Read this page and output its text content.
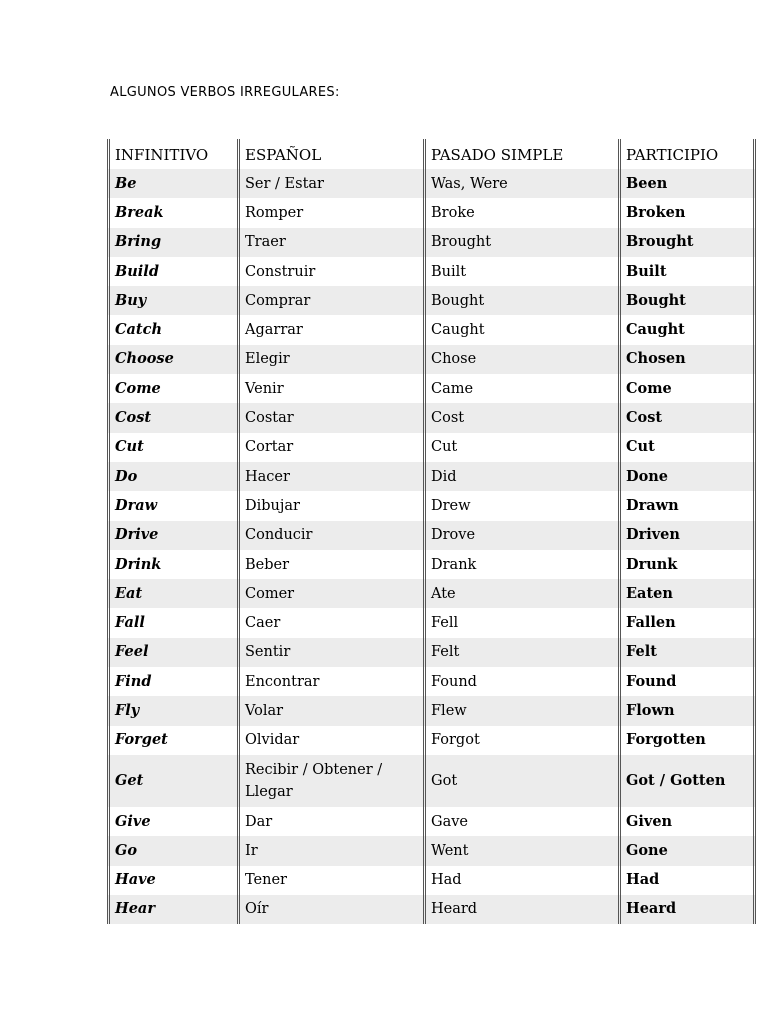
ALGUNOS VERBOS IRREGULARES:
INFINITIVO	ESPAÑOL	PASADO SIMPLE	PARTICIPIO
Be	Ser / Estar	Was, Were	Been
Break	Romper	Broke	Broken
Bring	Traer	Brought	Brought
Build	Construir	Built	Built
Buy	Comprar	Bought	Bought
Catch	Agarrar	Caught	Caught
Choose	Elegir	Chose	Chosen
Come	Venir	Came	Come
Cost	Costar	Cost	Cost
Cut	Cortar	Cut	Cut
Do	Hacer	Did	Done
Draw	Dibujar	Drew	Drawn
Drive	Conducir	Drove	Driven
Drink	Beber	Drank	Drunk
Eat	Comer	Ate	Eaten
Fall	Caer	Fell	Fallen
Feel	Sentir	Felt	Felt
Find	Encontrar	Found	Found
Fly	Volar	Flew	Flown
Forget	Olvidar	Forgot	Forgotten
Get	Recibir / Obtener / Llegar	Got	Got / Gotten
Give	Dar	Gave	Given
Go	Ir	Went	Gone
Have	Tener	Had	Had
Hear	Oír	Heard	Heard
